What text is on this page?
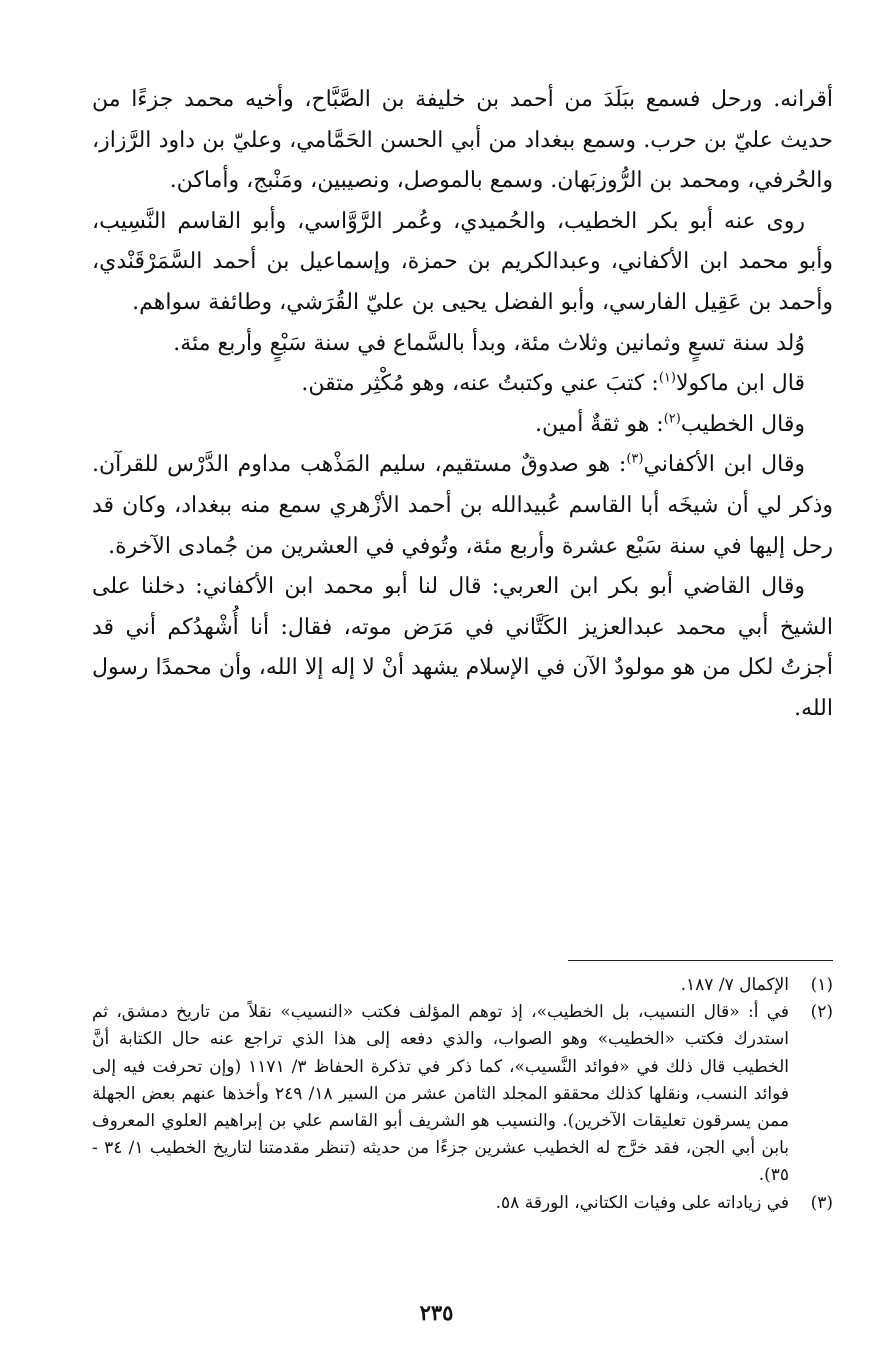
أقرانه. ورحل فسمع ببَلَدَ من أحمد بن خليفة بن الصَّبَّاح، وأخيه محمد جزءًا من حديث عليّ بن حرب. وسمع ببغداد من أبي الحسن الحَمَّامي، وعليّ بن داود الرَّزاز، والحُرفي، ومحمد بن الرُّوزبَهان. وسمع بالموصل، ونصيبين، ومَنْبج، وأماكن.

روى عنه أبو بكر الخطيب، والحُميدي، وعُمر الرَّوَّاسي، وأبو القاسم النَّسِيب، وأبو محمد ابن الأكفاني، وعبدالكريم بن حمزة، وإسماعيل بن أحمد السَّمَرْقَنْدي، وأحمد بن عَقِيل الفارسي، وأبو الفضل يحيى بن عليّ القُرَشي، وطائفة سواهم.

وُلد سنة تسعٍ وثمانين وثلاث مئة، وبدأ بالسَّماع في سنة سَبْعٍ وأربع مئة.

قال ابن ماكولا$^{(١)}$: كتبَ عني وكتبتُ عنه، وهو مُكْثِر متقن.

وقال الخطيب$^{(٢)}$: هو ثقةٌ أمين.

وقال ابن الأكفاني$^{(٣)}$: هو صدوقٌ مستقيم، سليم المَذْهب مداوم الدَّرْس للقرآن. وذكر لي أن شيخَه أبا القاسم عُبيدالله بن أحمد الأزْهري سمع منه ببغداد، وكان قد رحل إليها في سنة سَبْع عشرة وأربع مئة، وتُوفي في العشرين من جُمادى الآخرة.

وقال القاضي أبو بكر ابن العربي: قال لنا أبو محمد ابن الأكفاني: دخلنا على الشيخ أبي محمد عبدالعزيز الكَتَّاني في مَرَض موته، فقال: أنا أُشْهدُكم أني قد أجزتُ لكل من هو مولودٌ الآن في الإسلام يشهد أنْ لا إله إلا الله، وأن محمدًا رسول الله.

(١)
الإكمال ٧/ ١٨٧.
(٢)
في أ: «قال النسيب، بل الخطيب»، إذ توهم المؤلف فكتب «النسيب» نقلاً من تاريخ دمشق، ثم استدرك فكتب «الخطيب» وهو الصواب، والذي دفعه إلى هذا الذي تراجع عنه حال الكتابة أنَّ الخطيب قال ذلك في «فوائد النَّسيب»، كما ذكر في تذكرة الحفاظ ٣/ ١١٧١ (وإن تحرفت فيه إلى فوائد النسب، ونقلها كذلك محققو المجلد الثامن عشر من السير ١٨/ ٢٤٩ وأخذها عنهم بعض الجهلة ممن يسرقون تعليقات الآخرين). والنسيب هو الشريف أبو القاسم علي بن إبراهيم العلوي المعروف بابن أبي الجن، فقد خرَّج له الخطيب عشرين جزءًا من حديثه (تنظر مقدمتنا لتاريخ الخطيب ١/ ٣٤ - ٣٥).
(٣)
في زياداته على وفيات الكتاني، الورقة ٥٨.
٢٣٥
